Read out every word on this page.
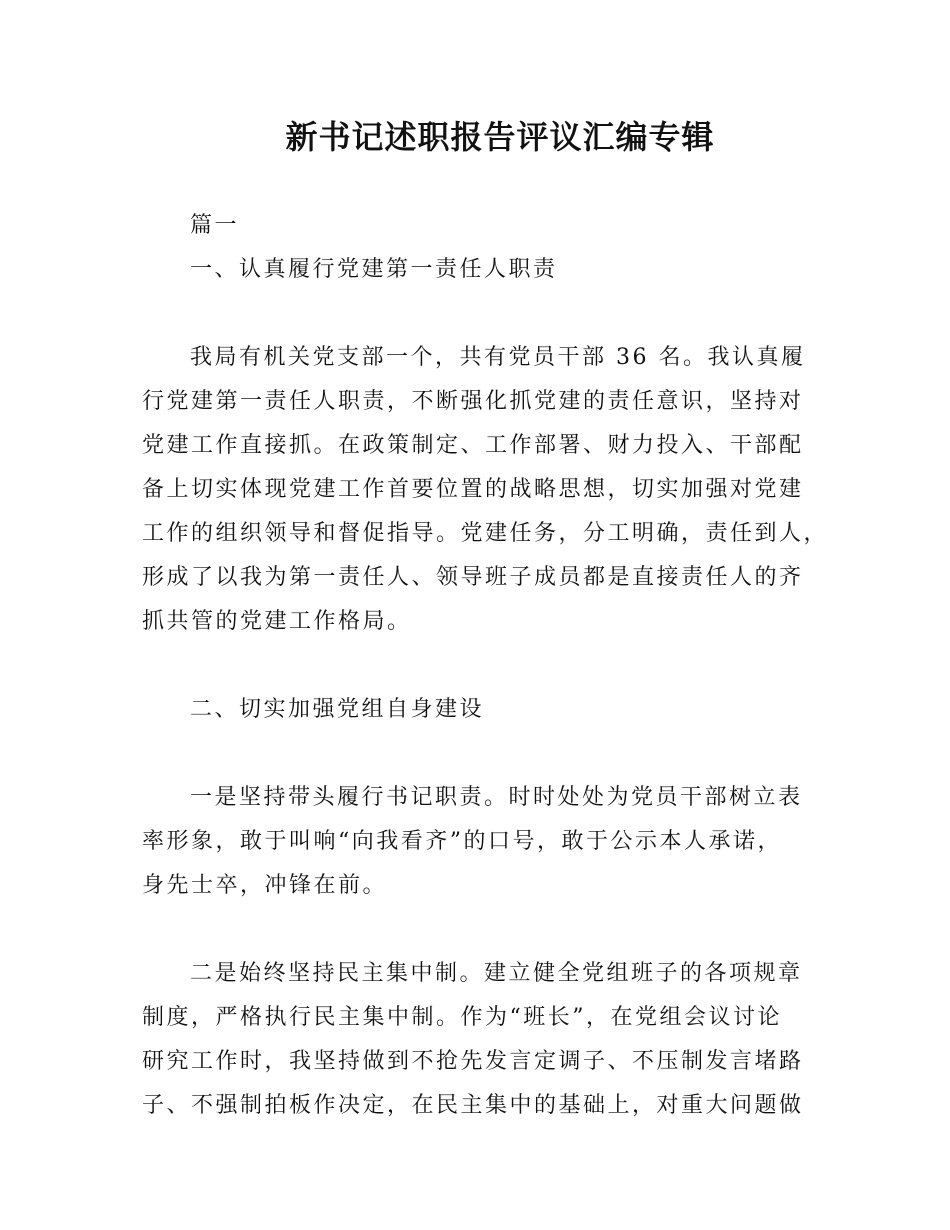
新书记述职报告评议汇编专辑

篇一

一、认真履行党建第一责任人职责

我局有机关党支部一个，共有党员干部 36 名。我认真履

行党建第一责任人职责，不断强化抓党建的责任意识，坚持对

党建工作直接抓。在政策制定、工作部署、财力投入、干部配

备上切实体现党建工作首要位置的战略思想，切实加强对党建

工作的组织领导和督促指导。党建任务，分工明确，责任到人，

形成了以我为第一责任人、领导班子成员都是直接责任人的齐

抓共管的党建工作格局。

二、切实加强党组自身建设

一是坚持带头履行书记职责。时时处处为党员干部树立表

率形象，敢于叫响“向我看齐”的口号，敢于公示本人承诺，

身先士卒，冲锋在前。

二是始终坚持民主集中制。建立健全党组班子的各项规章

制度，严格执行民主集中制。作为“班长”，在党组会议讨论

研究工作时，我坚持做到不抢先发言定调子、不压制发言堵路

子、不强制拍板作决定，在民主集中的基础上，对重大问题做
